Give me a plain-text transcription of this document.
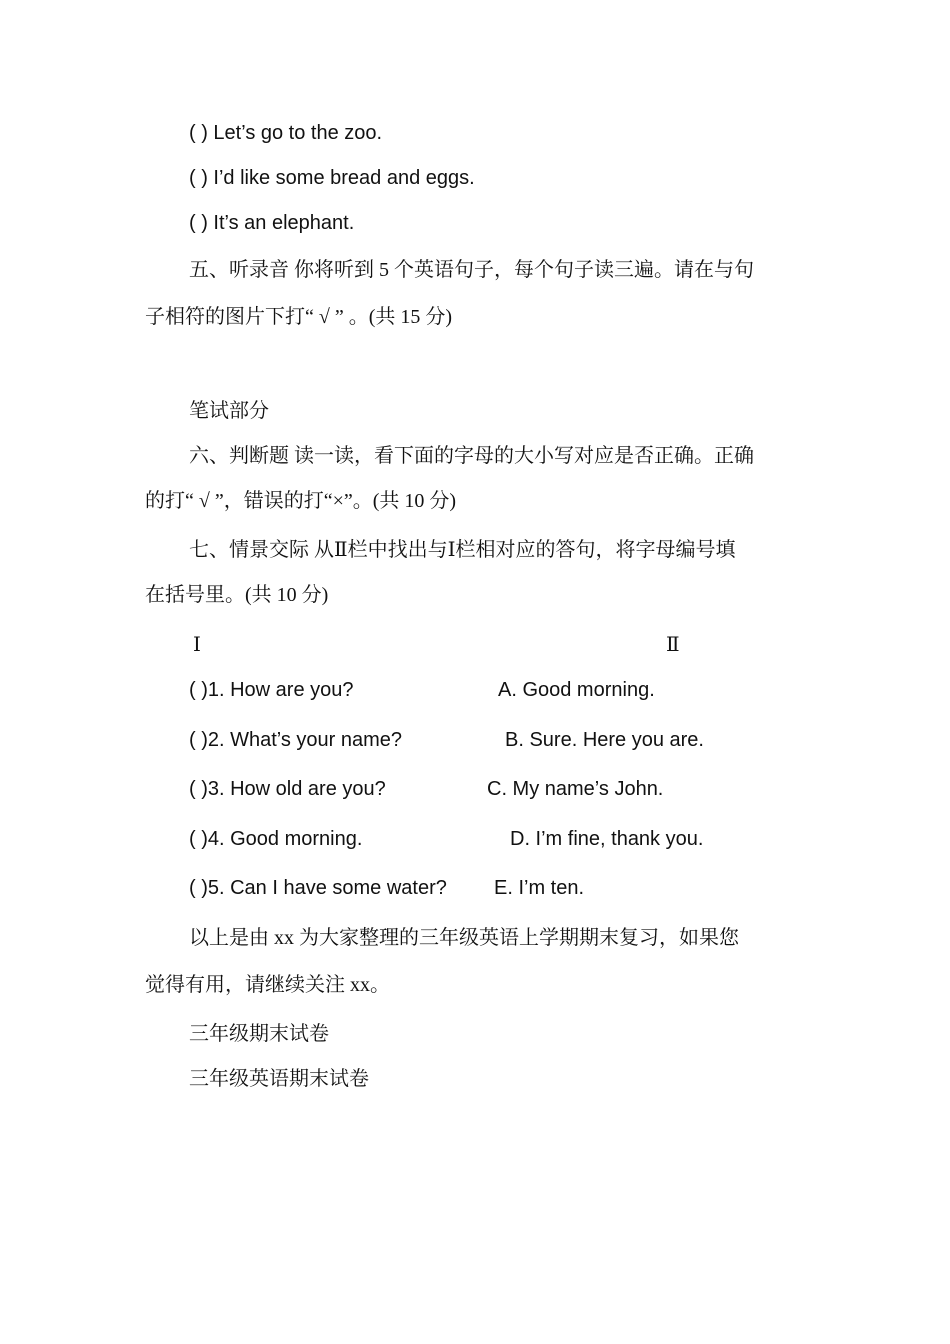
( ) Let’s go to the zoo.
( ) I’d like some bread and eggs.
( ) It’s an elephant.
五、听录音 你将听到 5 个英语句子，每个句子读三遍。请在与句
子相符的图片下打“ √ ” 。(共 15 分)
笔试部分
六、判断题 读一读，看下面的字母的大小写对应是否正确。正确
的打“ √ ”，错误的打“×”。(共 10 分)
七、情景交际 从Ⅱ栏中找出与Ⅰ栏相对应的答句，将字母编号填
在括号里。(共 10 分)
Ⅰ	Ⅱ
( )1. How are you?	A. Good morning.
( )2. What’s your name?	B. Sure. Here you are.
( )3. How old are you?	C. My name’s John.
( )4. Good morning.	D. I’m fine, thank you.
( )5. Can I have some water? E. I’m ten.
以上是由 xx 为大家整理的三年级英语上学期期末复习，如果您
觉得有用，请继续关注 xx。
三年级期末试卷
三年级英语期末试卷
